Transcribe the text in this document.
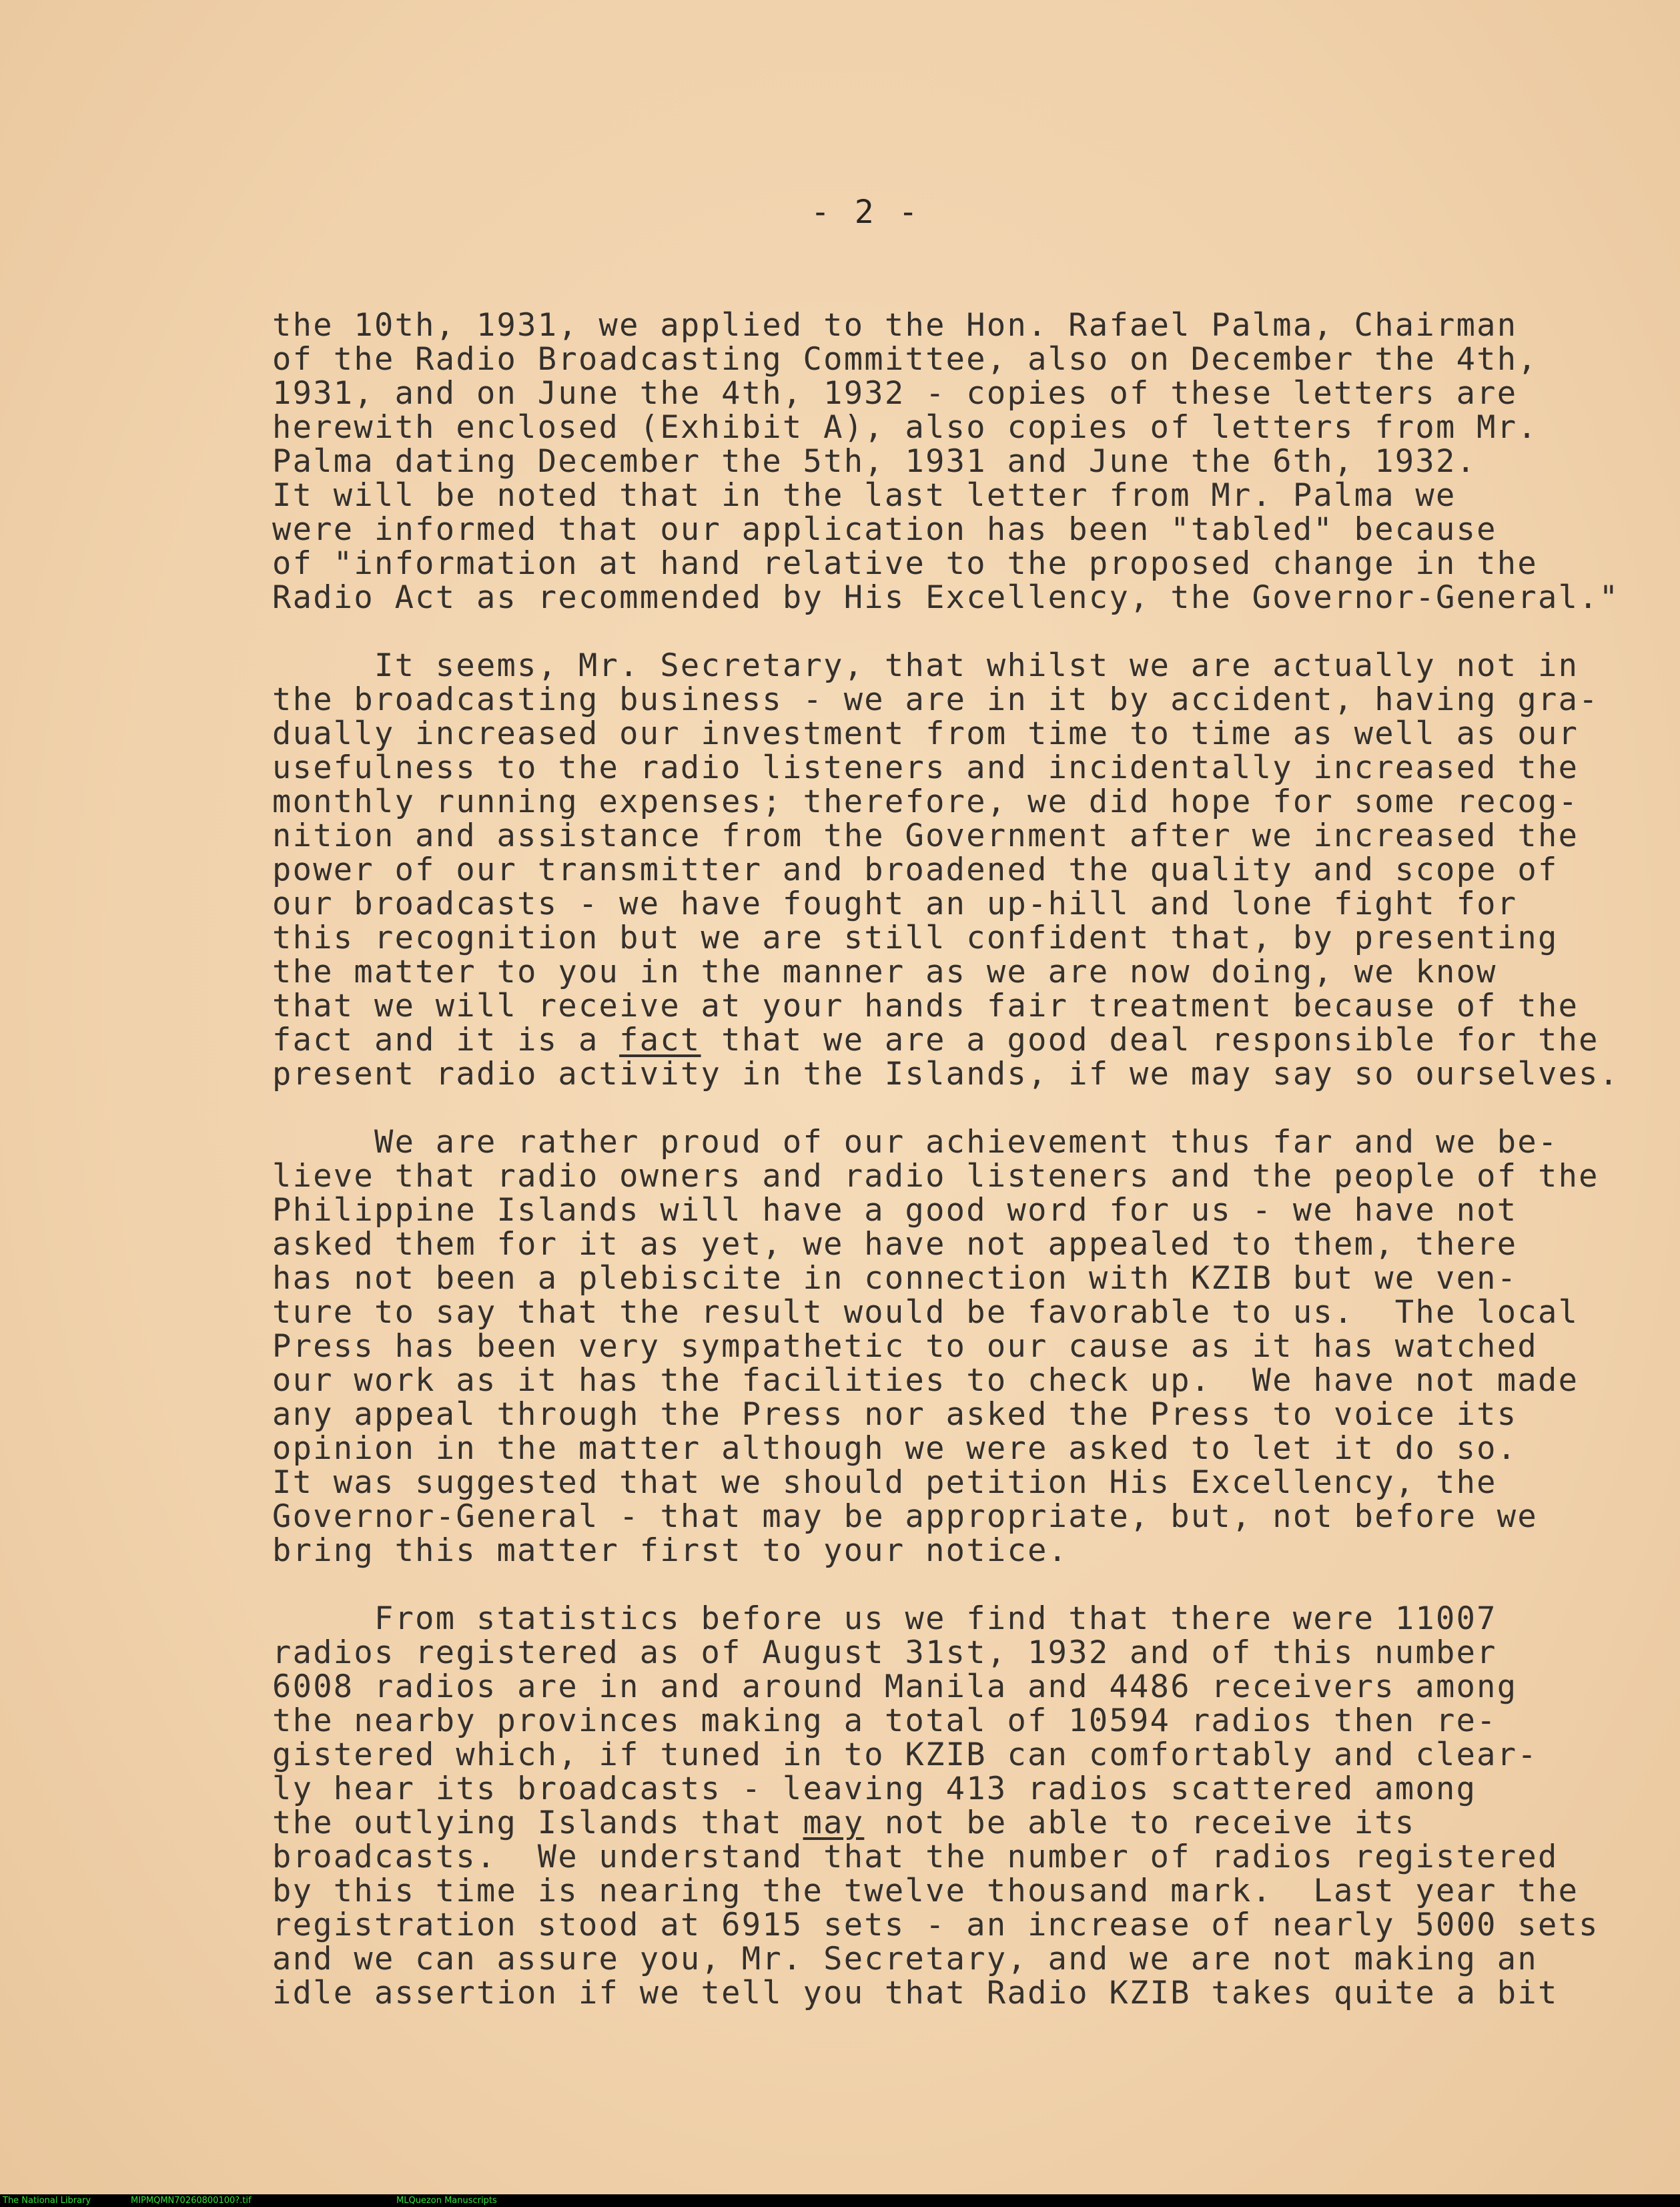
- 2 -
the 10th, 1931, we applied to the Hon. Rafael Palma, Chairman
of the Radio Broadcasting Committee, also on December the 4th,
1931, and on June the 4th, 1932 - copies of these letters are
herewith enclosed (Exhibit A), also copies of letters from Mr.
Palma dating December the 5th, 1931 and June the 6th, 1932.
It will be noted that in the last letter from Mr. Palma we
were informed that our application has been "tabled" because
of "information at hand relative to the proposed change in the
Radio Act as recommended by His Excellency, the Governor-General."
It seems, Mr. Secretary, that whilst we are actually not in
the broadcasting business - we are in it by accident, having gra-
dually increased our investment from time to time as well as our
usefulness to the radio listeners and incidentally increased the
monthly running expenses; therefore, we did hope for some recog-
nition and assistance from the Government after we increased the
power of our transmitter and broadened the quality and scope of
our broadcasts - we have fought an up-hill and lone fight for
this recognition but we are still confident that, by presenting
the matter to you in the manner as we are now doing, we know
that we will receive at your hands fair treatment because of the
fact and it is a fact that we are a good deal responsible for the
present radio activity in the Islands, if we may say so ourselves.
We are rather proud of our achievement thus far and we be-
lieve that radio owners and radio listeners and the people of the
Philippine Islands will have a good word for us - we have not
asked them for it as yet, we have not appealed to them, there
has not been a plebiscite in connection with KZIB but we ven-
ture to say that the result would be favorable to us.  The local
Press has been very sympathetic to our cause as it has watched
our work as it has the facilities to check up.  We have not made
any appeal through the Press nor asked the Press to voice its
opinion in the matter although we were asked to let it do so.
It was suggested that we should petition His Excellency, the
Governor-General - that may be appropriate, but, not before we
bring this matter first to your notice.
From statistics before us we find that there were 11007
radios registered as of August 31st, 1932 and of this number
6008 radios are in and around Manila and 4486 receivers among
the nearby provinces making a total of 10594 radios then re-
gistered which, if tuned in to KZIB can comfortably and clear-
ly hear its broadcasts - leaving 413 radios scattered among
the outlying Islands that may not be able to receive its
broadcasts.  We understand that the number of radios registered
by this time is nearing the twelve thousand mark.  Last year the
registration stood at 6915 sets - an increase of nearly 5000 sets
and we can assure you, Mr. Secretary, and we are not making an
idle assertion if we tell you that Radio KZIB takes quite a bit
The National Library	MIPMQMN70260800100?.tif	MLQuezon Manuscripts
